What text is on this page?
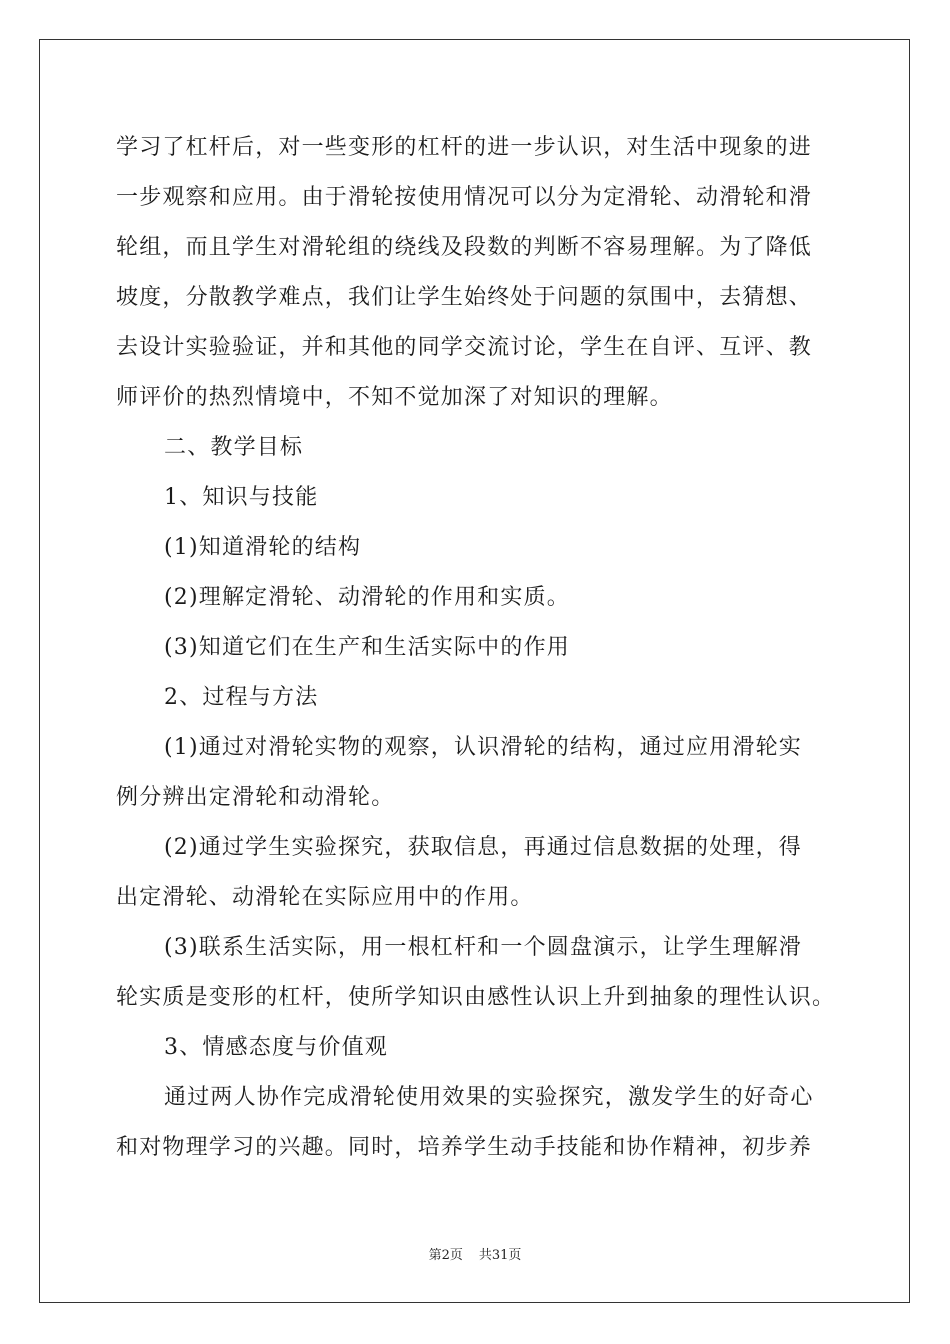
学习了杠杆后，对一些变形的杠杆的进一步认识，对生活中现象的进
一步观察和应用。由于滑轮按使用情况可以分为定滑轮、动滑轮和滑
轮组，而且学生对滑轮组的绕线及段数的判断不容易理解。为了降低
坡度，分散教学难点，我们让学生始终处于问题的氛围中，去猜想、
去设计实验验证，并和其他的同学交流讨论，学生在自评、互评、教
师评价的热烈情境中，不知不觉加深了对知识的理解。
二、教学目标
1、知识与技能
(1)知道滑轮的结构
(2)理解定滑轮、动滑轮的作用和实质。
(3)知道它们在生产和生活实际中的作用
2、过程与方法
(1)通过对滑轮实物的观察，认识滑轮的结构，通过应用滑轮实
例分辨出定滑轮和动滑轮。
(2)通过学生实验探究，获取信息，再通过信息数据的处理，得
出定滑轮、动滑轮在实际应用中的作用。
(3)联系生活实际，用一根杠杆和一个圆盘演示，让学生理解滑
轮实质是变形的杠杆，使所学知识由感性认识上升到抽象的理性认识。
3、情感态度与价值观
通过两人协作完成滑轮使用效果的实验探究，激发学生的好奇心
和对物理学习的兴趣。同时，培养学生动手技能和协作精神，初步养
第2页 共31页
